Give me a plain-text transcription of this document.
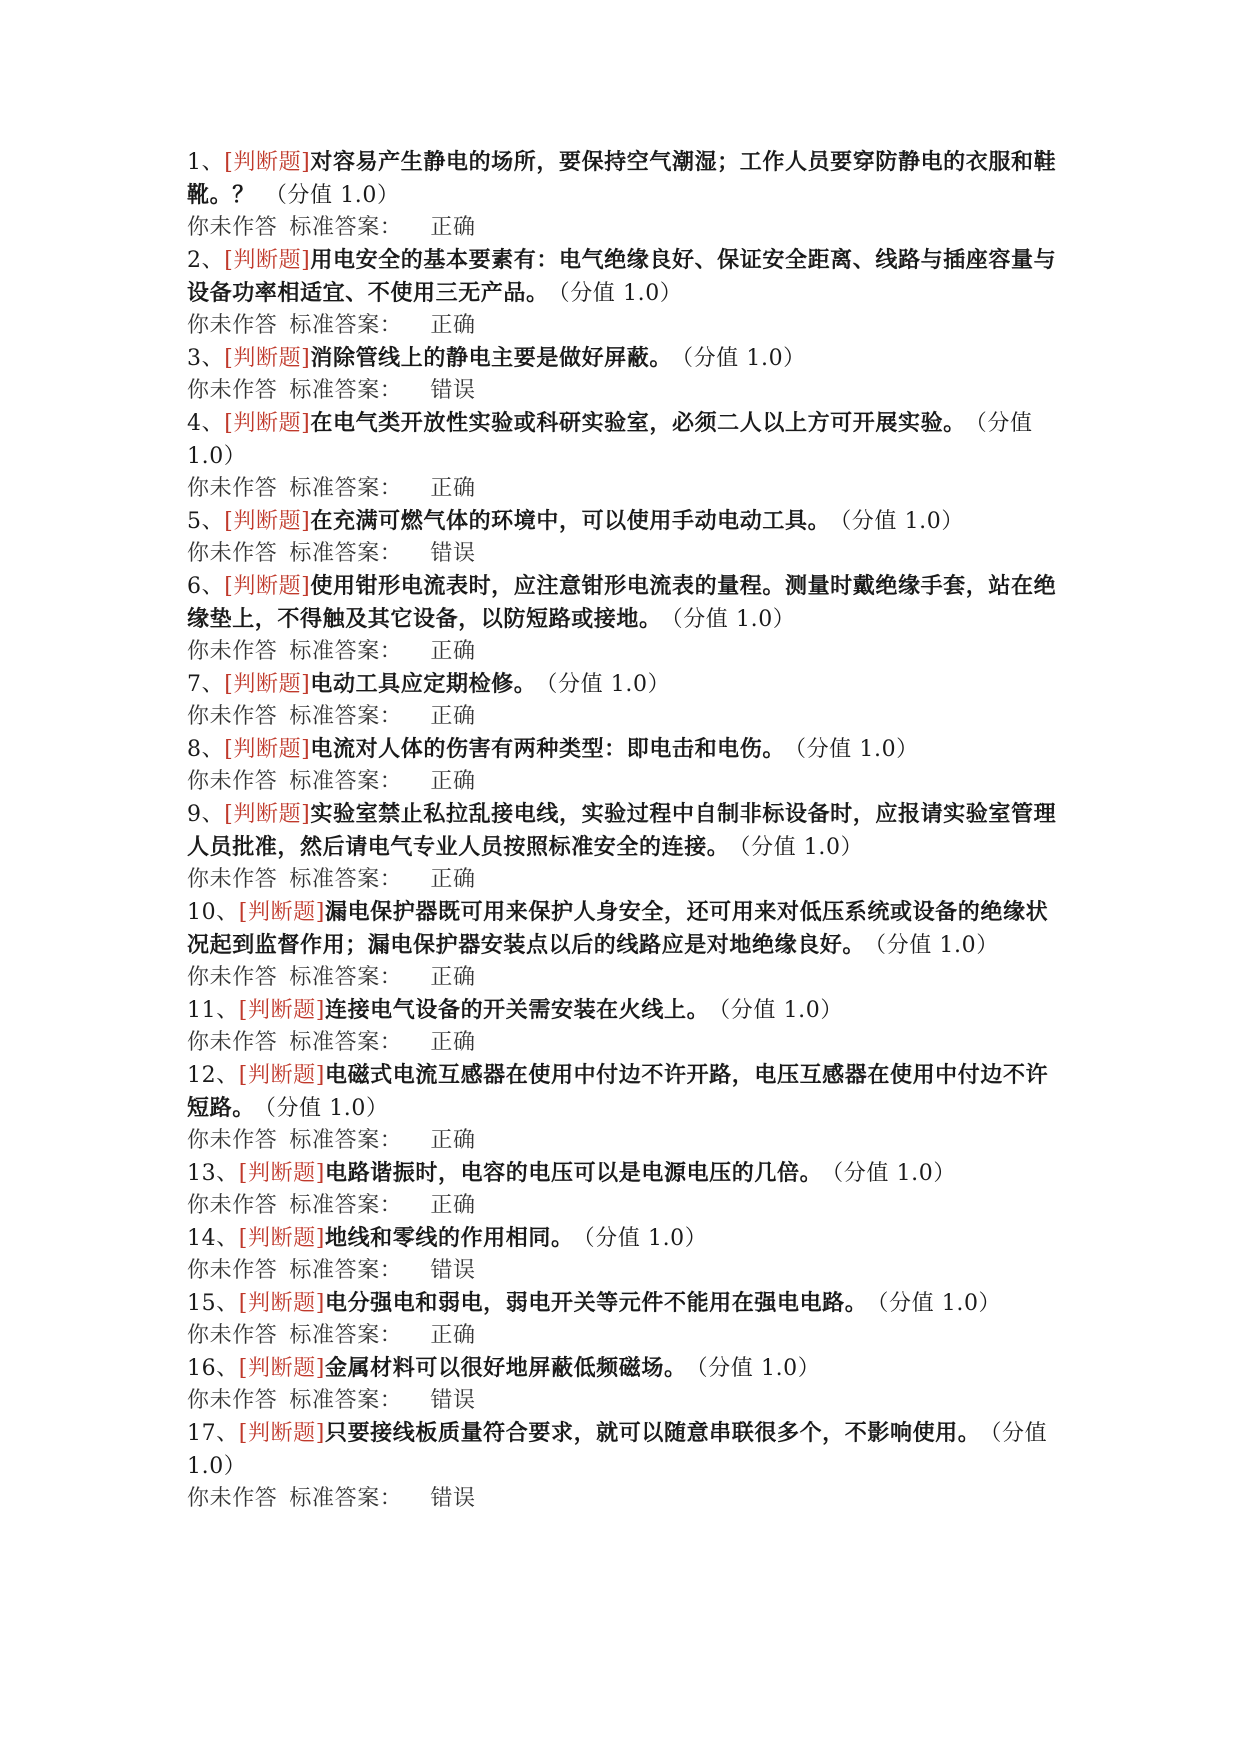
1、[判断题]对容易产生静电的场所，要保持空气潮湿；工作人员要穿防静电的衣服和鞋靴。？ （分值 1.0）
你未作答 标准答案： 正确
2、[判断题]用电安全的基本要素有：电气绝缘良好、保证安全距离、线路与插座容量与设备功率相适宜、不使用三无产品。 （分值 1.0）
你未作答 标准答案： 正确
3、[判断题]消除管线上的静电主要是做好屏蔽。 （分值 1.0）
你未作答 标准答案： 错误
4、[判断题]在电气类开放性实验或科研实验室，必须二人以上方可开展实验。 （分值 1.0）
你未作答 标准答案： 正确
5、[判断题]在充满可燃气体的环境中，可以使用手动电动工具。 （分值 1.0）
你未作答 标准答案： 错误
6、[判断题]使用钳形电流表时，应注意钳形电流表的量程。测量时戴绝缘手套，站在绝缘垫上，不得触及其它设备，以防短路或接地。 （分值 1.0）
你未作答 标准答案： 正确
7、[判断题]电动工具应定期检修。 （分值 1.0）
你未作答 标准答案： 正确
8、[判断题]电流对人体的伤害有两种类型：即电击和电伤。 （分值 1.0）
你未作答 标准答案： 正确
9、[判断题]实验室禁止私拉乱接电线，实验过程中自制非标设备时，应报请实验室管理人员批准，然后请电气专业人员按照标准安全的连接。 （分值 1.0）
你未作答 标准答案： 正确
10、[判断题]漏电保护器既可用来保护人身安全，还可用来对低压系统或设备的绝缘状况起到监督作用；漏电保护器安装点以后的线路应是对地绝缘良好。 （分值 1.0）
你未作答 标准答案： 正确
11、[判断题]连接电气设备的开关需安装在火线上。 （分值 1.0）
你未作答 标准答案： 正确
12、[判断题]电磁式电流互感器在使用中付边不许开路，电压互感器在使用中付边不许短路。 （分值 1.0）
你未作答 标准答案： 正确
13、[判断题]电路谐振时，电容的电压可以是电源电压的几倍。 （分值 1.0）
你未作答 标准答案： 正确
14、[判断题]地线和零线的作用相同。 （分值 1.0）
你未作答 标准答案： 错误
15、[判断题]电分强电和弱电，弱电开关等元件不能用在强电电路。 （分值 1.0）
你未作答 标准答案： 正确
16、[判断题]金属材料可以很好地屏蔽低频磁场。 （分值 1.0）
你未作答 标准答案： 错误
17、[判断题]只要接线板质量符合要求，就可以随意串联很多个，不影响使用。 （分值 1.0）
你未作答 标准答案： 错误
